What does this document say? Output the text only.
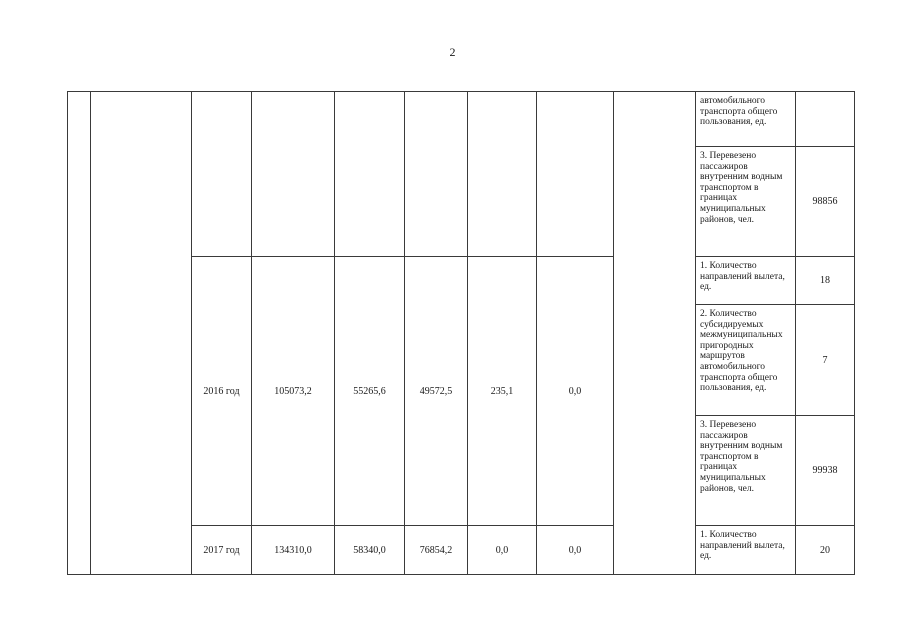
2
									автомобильного транспорта общего пользования, ед.	
									3. Перевезено пассажиров внутренним водным транспортом в границах муниципальных районов, чел.	98856
		2016 год	105073,2	55265,6	49572,5	235,1	0,0		1. Количество направлений вылета, ед.	18
									2. Количество субсидируемых межмуниципальных пригородных маршрутов автомобильного транспорта общего пользования, ед.	7
									3. Перевезено пассажиров внутренним водным транспортом в границах муниципальных районов, чел.	99938
		2017 год	134310,0	58340,0	76854,2	0,0	0,0		1. Количество направлений вылета, ед.	20
